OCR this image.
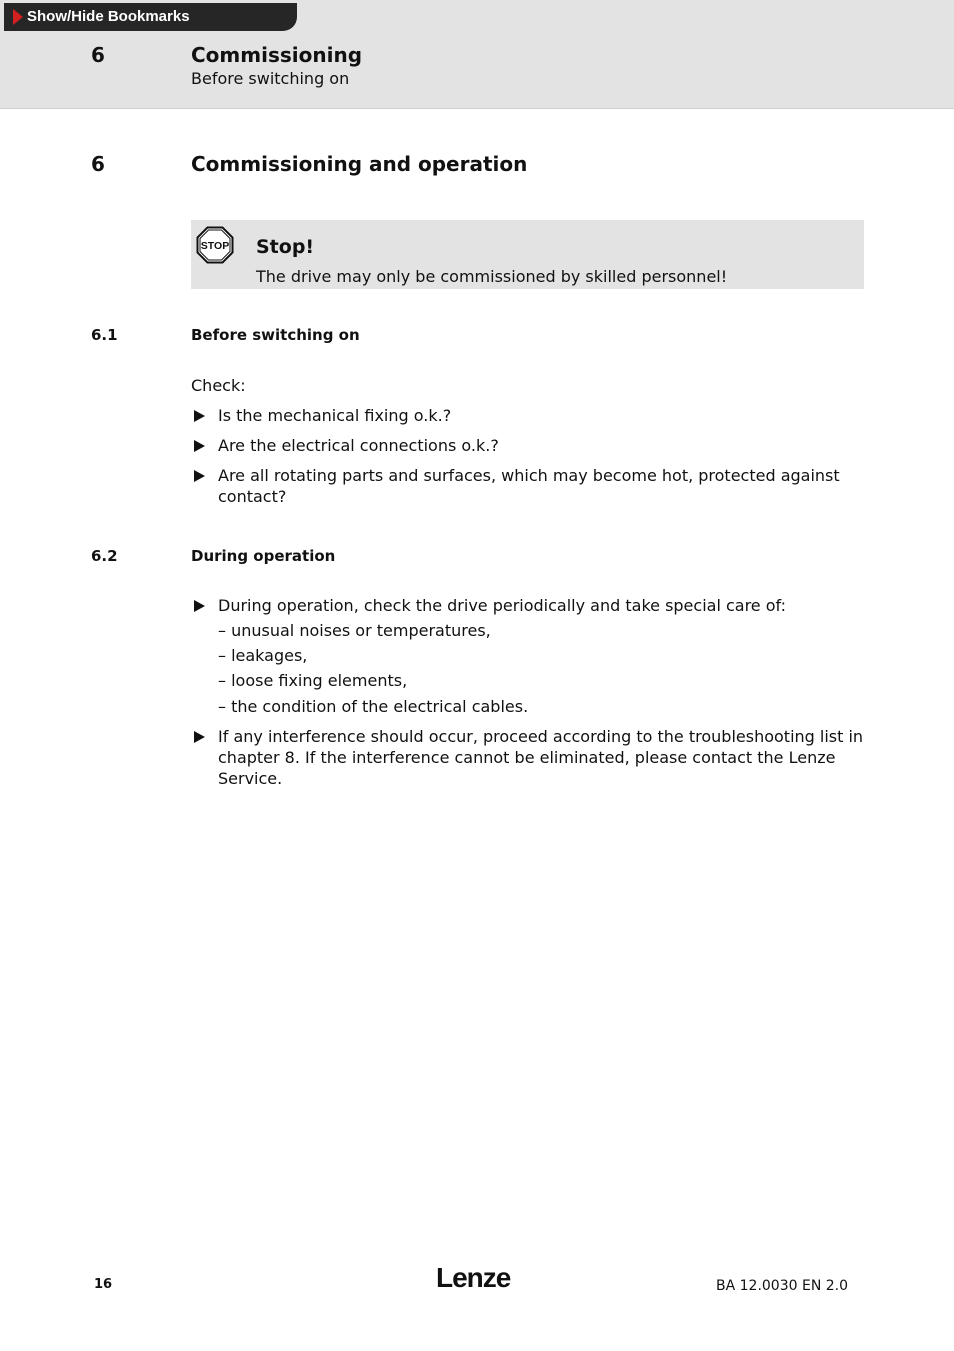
Show/Hide Bookmarks
6	Commissioning
Before switching on
6	Commissioning and operation
STOP Stop!
The drive may only be commissioned by skilled personnel!
6.1	Before switching on
Check:
Is the mechanical fixing o.k.?
Are the electrical connections o.k.?
Are all rotating parts and surfaces, which may become hot, protected against contact?
6.2	During operation
During operation, check the drive periodically and take special care of:
– unusual noises or temperatures,
– leakages,
– loose fixing elements,
– the condition of the electrical cables.
If any interference should occur, proceed according to the troubleshooting list in chapter 8. If the interference cannot be eliminated, please contact the Lenze Service.
16	Lenze	BA 12.0030 EN 2.0
